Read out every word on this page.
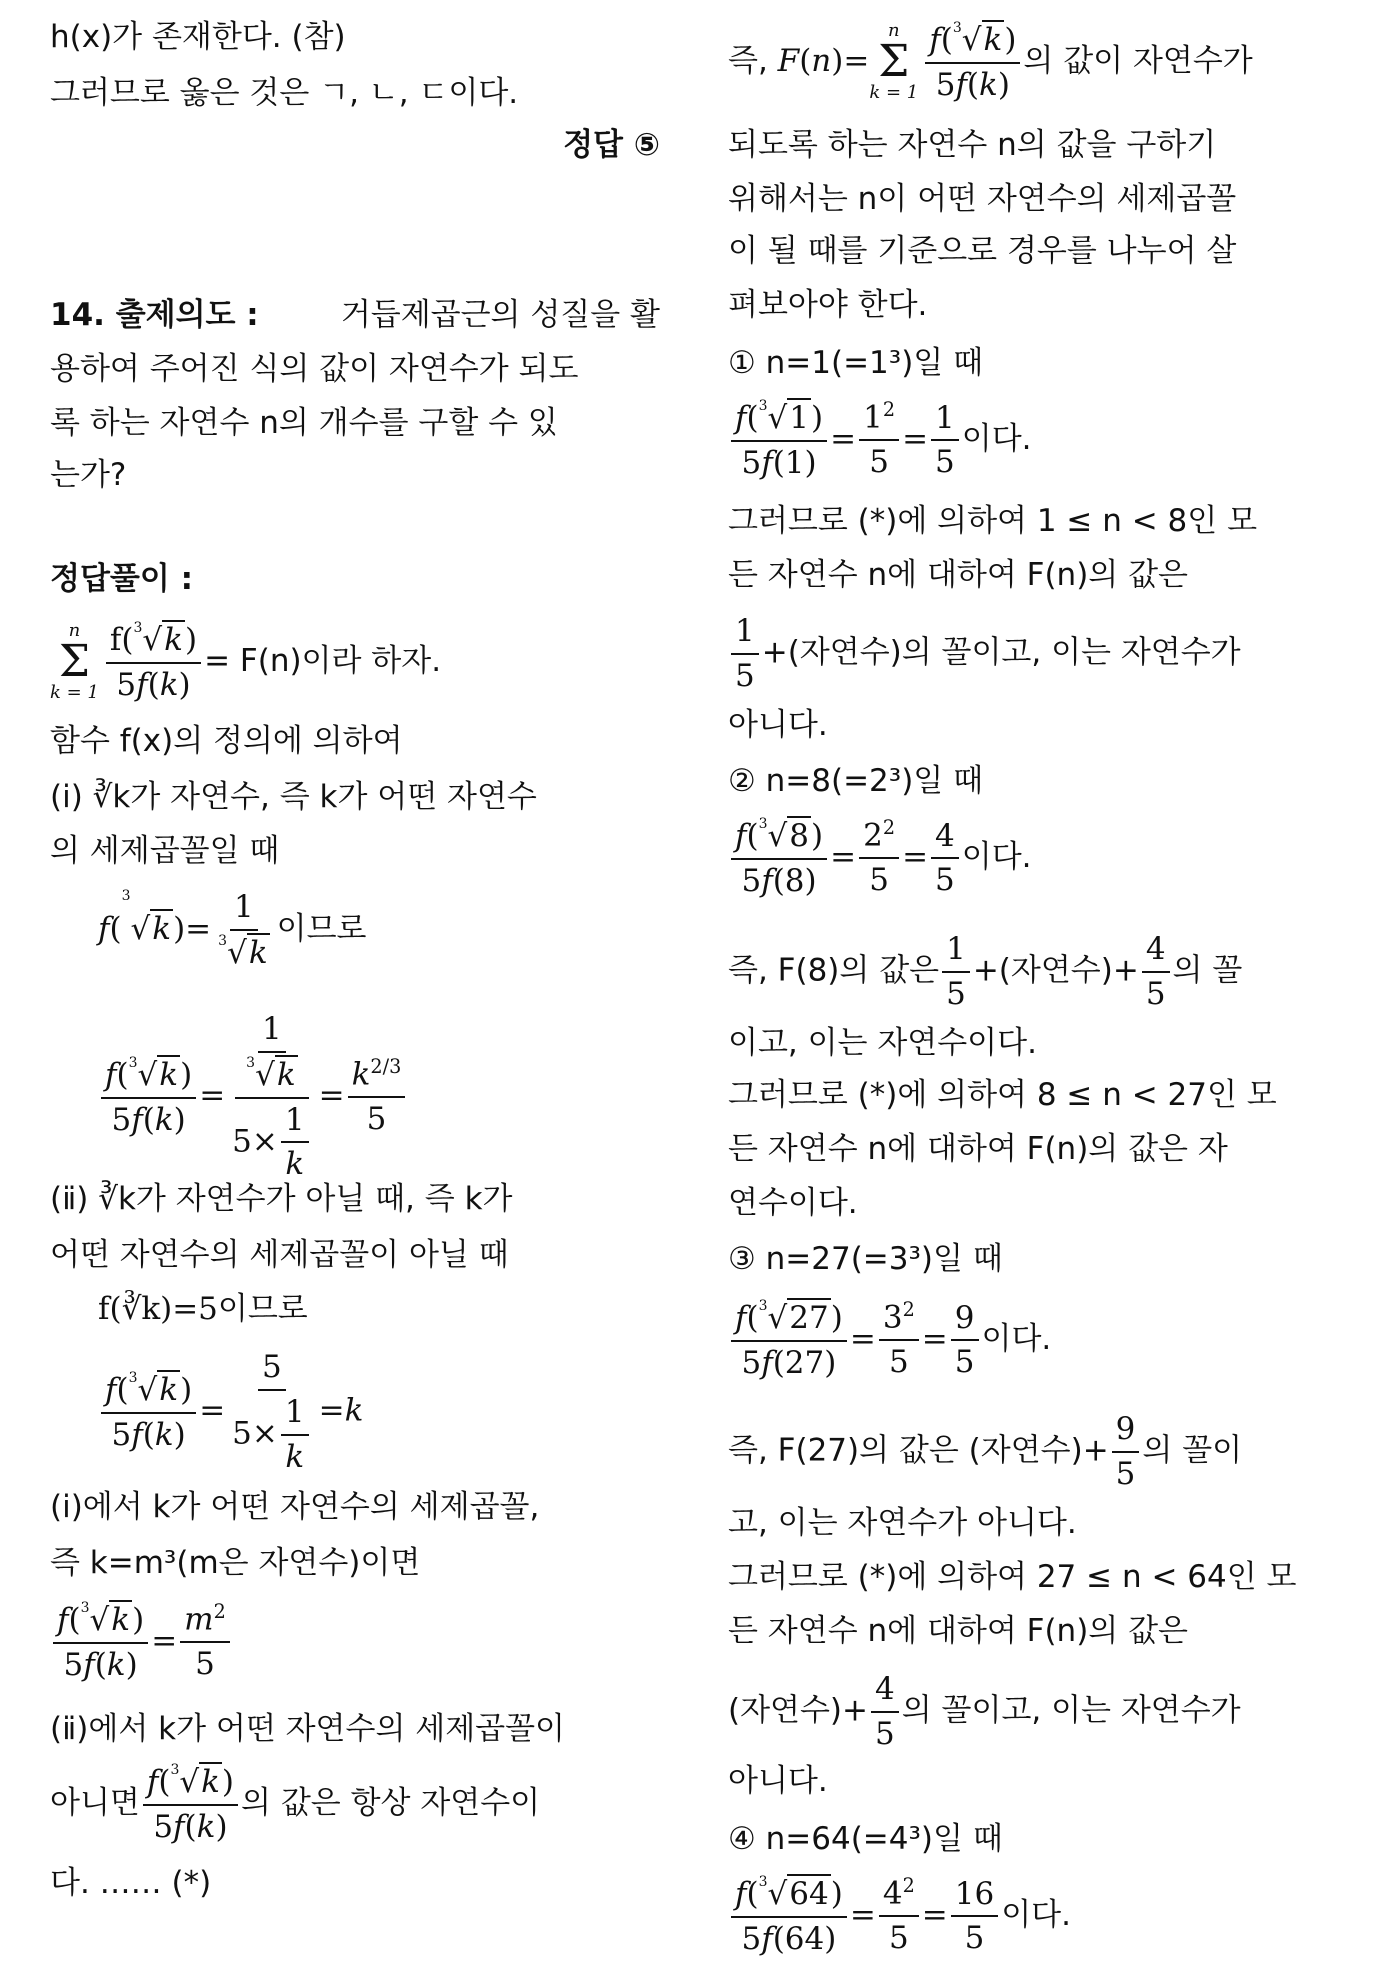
h(x)가 존재한다. (참)
그러므로 옳은 것은 ㄱ, ㄴ, ㄷ이다.
정답 ⑤
14. 출제의도 :	거듭제곱근의 성질을 활
용하여 주어진 식의 값이 자연수가 되도
록 하는 자연수 n의 개수를 구할 수 있
는가?
정답풀이 :
n
Σ
$k = 1 \frac{f(^3√k)}{5f(k)} = F(n)$이라 하자.
함수 f(x)의 정의에 의하여
(ⅰ) ∛k가 자연수, 즉 k가 어떤 자연수
의 세제곱꼴일 때
$f(^3√k)= \frac{1}{^3√k}$ 이므로
$\frac{f(^3√k)}{5f(k)} = \frac{\frac{1}{^3√k}}{5\times \frac{1}{k}} = \frac{k^{2/3}}{5}$
(ⅱ) ∛k가 자연수가 아닐 때, 즉 k가
어떤 자연수의 세제곱꼴이 아닐 때
f(∛k)=5이므로
$\frac{f(^3√k)}{5f(k)} = \frac{5}{5\times \frac{1}{k}} =k$
(ⅰ)에서 k가 어떤 자연수의 세제곱꼴,
즉 k=m³(m은 자연수)이면
$\frac{f(^3√k)}{5f(k)} = \frac{m^2}{5}$
(ⅱ)에서 k가 어떤 자연수의 세제곱꼴이
아니면 $\frac{f(^3√k)}{5f(k)}$ 의 값은 항상 자연수이
다. …… (*)
즉, F(n)=
n
Σ
$k = 1 \frac{f(^3√k)}{5f(k)}$ 의 값이 자연수가
되도록 하는 자연수 n의 값을 구하기
위해서는 n이 어떤 자연수의 세제곱꼴
이 될 때를 기준으로 경우를 나누어 살
펴보아야 한다.
① n=1(=1³)일 때
$\frac{f(^3√1)}{5f(1)} = \frac{1^2}{5} = \frac{1}{5}$ 이다.
그러므로 (*)에 의하여 1 ≤ n < 8인 모
든 자연수 n에 대하여 F(n)의 값은
$\frac{1}{5}$ +(자연수)의 꼴이고, 이는 자연수가
아니다.
② n=8(=2³)일 때
$\frac{f(^3√8)}{5f(8)} = \frac{2^2}{5} = \frac{4}{5}$ 이다.
즉, F(8)의 값은 $\frac{1}{5}$ +(자연수)+ $\frac{4}{5}$ 의 꼴
이고, 이는 자연수이다.
그러므로 (*)에 의하여 8 ≤ n < 27인 모
든 자연수 n에 대하여 F(n)의 값은 자
연수이다.
③ n=27(=3³)일 때
$\frac{f(^3√27)}{5f(27)} = \frac{3^2}{5} = \frac{9}{5}$ 이다.
즉, F(27)의 값은 (자연수)+ $\frac{9}{5}$ 의 꼴이
고, 이는 자연수가 아니다.
그러므로 (*)에 의하여 27 ≤ n < 64인 모
든 자연수 n에 대하여 F(n)의 값은
(자연수)+ $\frac{4}{5}$ 의 꼴이고, 이는 자연수가
아니다.
④ n=64(=4³)일 때
$\frac{f(^3√64)}{5f(64)} = \frac{4^2}{5} = \frac{16}{5}$ 이다.
